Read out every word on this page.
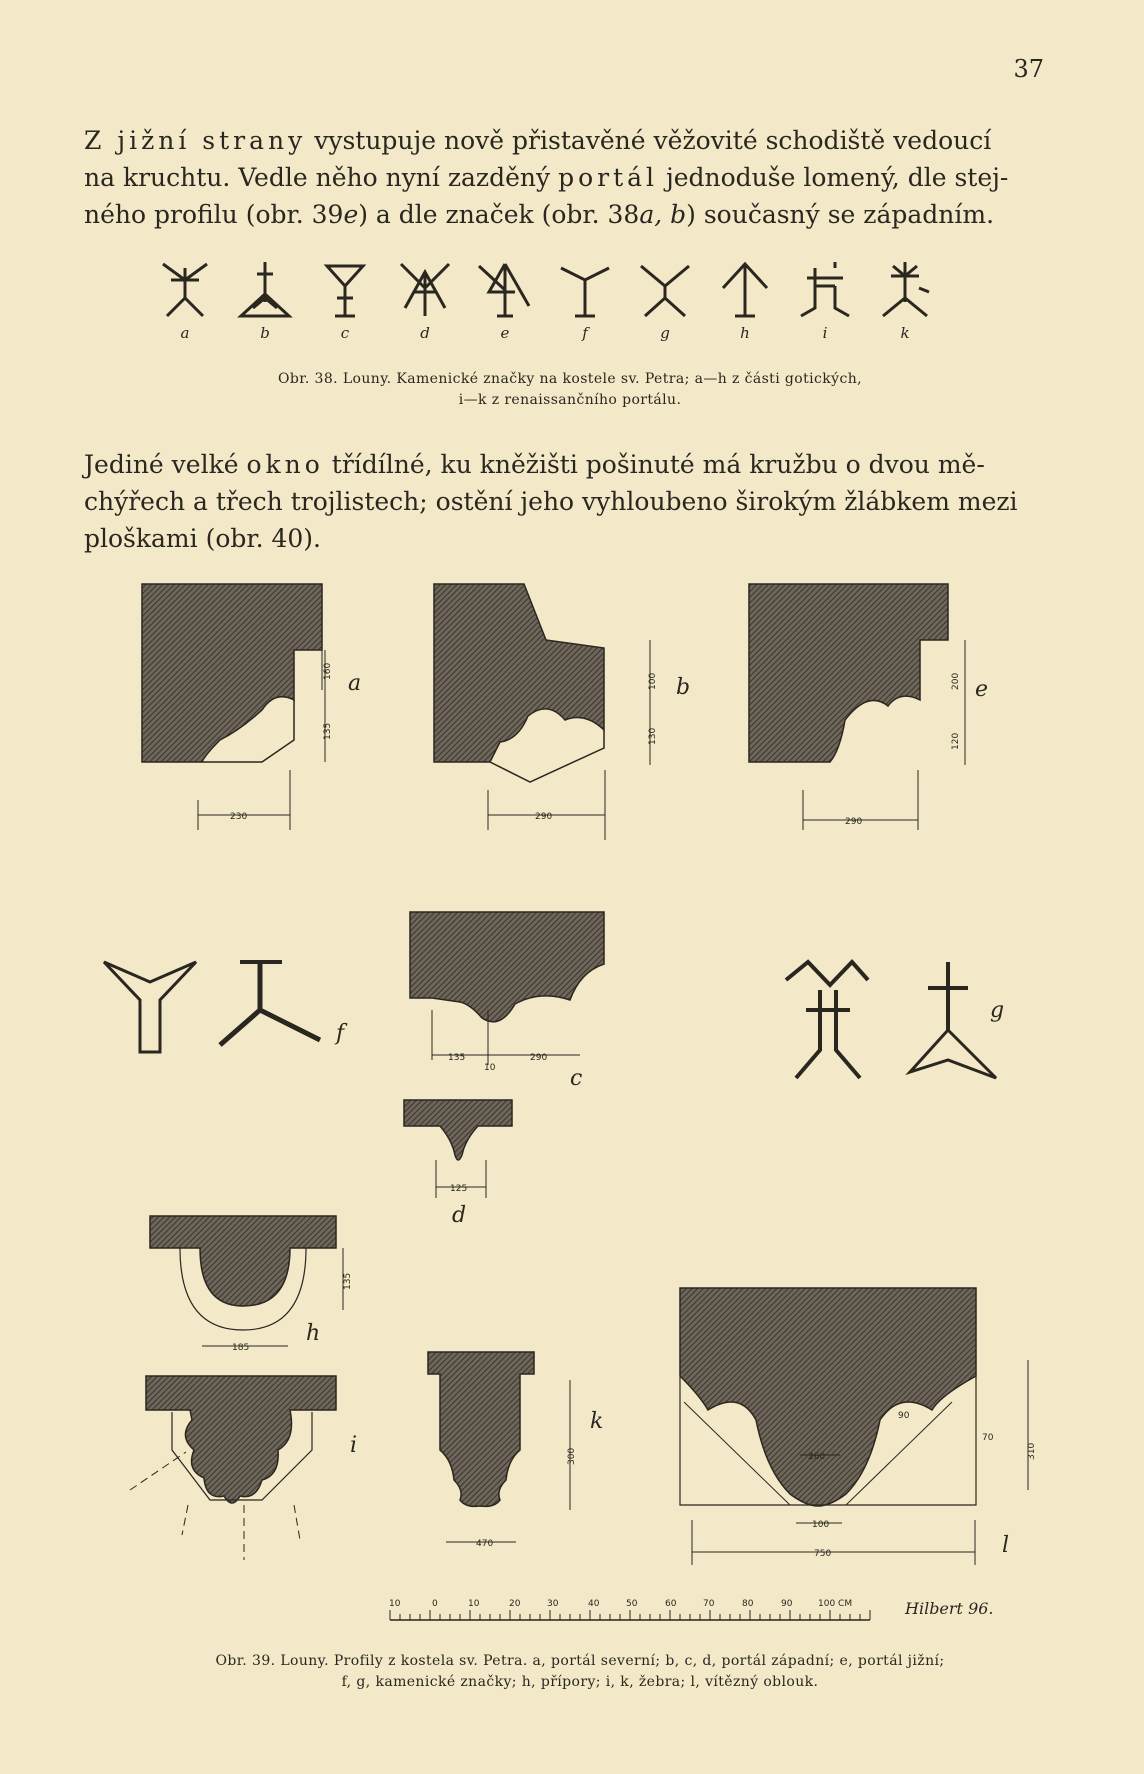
37
Z jižní strany vystupuje nově přistavěné věžovité schodiště vedoucí
na kruchtu. Vedle něho nyní zazděný portál jednoduše lomený, dle stej-
ného profilu (obr. 39e) a dle značek (obr. 38a, b) současný se západním.
a	b	c	d	e	f	g	h	i	k
Obr. 38. Louny. Kamenické značky na kostele sv. Petra; a—h z části gotických,
i—k z renaissančního portálu.
Jediné velké okno třídílné, ku kněžišti pošinuté má kružbu o dvou mě-
chýřech a třech trojlistech; ostění jeho vyhloubeno širokým žlábkem mezi
ploškami (obr. 40).
160
135
230
a	100
130
290
b	200
120
290
e
f
135
10
290
c
125
d
g
135
185
h
i	300
470
k	90
260
70
310
100
750	l
10	0	10	20	30	40	50	60	70	80	90	100 CM	Hilbert 96.
Obr. 39. Louny. Profily z kostela sv. Petra. a, portál severní; b, c, d, portál západní; e, portál jižní;
f, g, kamenické značky; h, přípory; i, k, žebra; l, vítězný oblouk.
